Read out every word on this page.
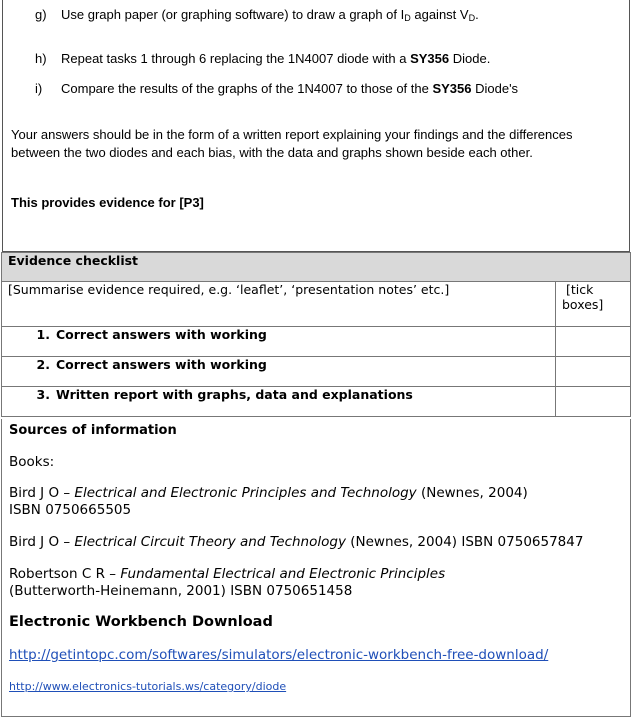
g) Use graph paper (or graphing software) to draw a graph of $I_D$ against $V_D$.
h) Repeat tasks 1 through 6 replacing the 1N4007 diode with a SY356 Diode.
i) Compare the results of the graphs of the 1N4007 to those of the SY356 Diode's
Your answers should be in the form of a written report explaining your findings and the differences
between the two diodes and each bias, with the data and graphs shown beside each other.
This provides evidence for [P3]
Evidence checklist	
[Summarise evidence required, e.g. ‘leaflet’, ‘presentation notes’ etc.]	[tick
boxes]

1. Correct answers with working	
2. Correct answers with working	
3. Written report with graphs, data and explanations	
Sources of information
Books:
Bird J O – Electrical and Electronic Principles and Technology (Newnes, 2004)
ISBN 0750665505
Bird J O – Electrical Circuit Theory and Technology (Newnes, 2004) ISBN 0750657847
Robertson C R – Fundamental Electrical and Electronic Principles
(Butterworth-Heinemann, 2001) ISBN 0750651458
Electronic Workbench Download
http://getintopc.com/softwares/simulators/electronic-workbench-free-download/
http://www.electronics-tutorials.ws/category/diode
